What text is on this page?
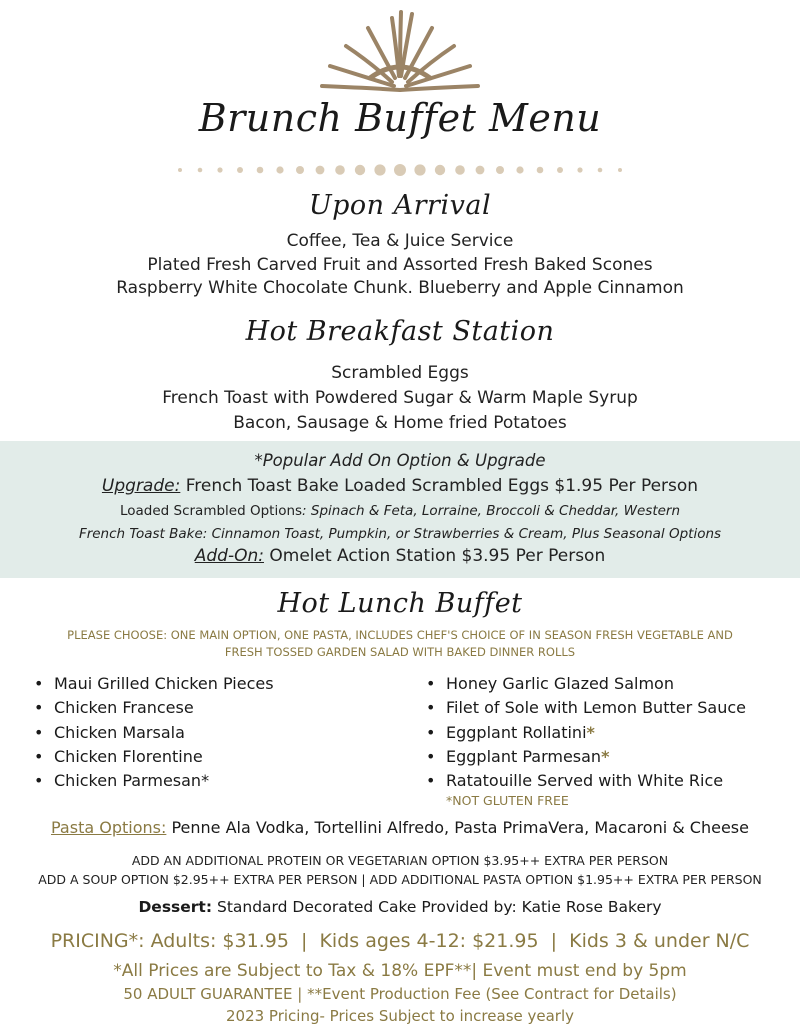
Brunch Buffet Menu
Upon Arrival
Coffee, Tea & Juice Service
Plated Fresh Carved Fruit and Assorted Fresh Baked Scones
Raspberry White Chocolate Chunk. Blueberry and Apple Cinnamon
Hot Breakfast Station
Scrambled Eggs
French Toast with Powdered Sugar & Warm Maple Syrup
Bacon, Sausage & Home fried Potatoes
*Popular Add On Option & Upgrade
Upgrade: French Toast Bake Loaded Scrambled Eggs $1.95 Per Person
Loaded Scrambled Options: Spinach & Feta, Lorraine, Broccoli & Cheddar, Western
French Toast Bake: Cinnamon Toast, Pumpkin, or Strawberries & Cream, Plus Seasonal Options
Add-On: Omelet Action Station $3.95 Per Person
Hot Lunch Buffet
PLEASE CHOOSE: ONE MAIN OPTION, ONE PASTA, INCLUDES CHEF'S CHOICE OF IN SEASON FRESH VEGETABLE AND
FRESH TOSSED GARDEN SALAD WITH BAKED DINNER ROLLS
• Maui Grilled Chicken Pieces
• Chicken Francese
• Chicken Marsala
• Chicken Florentine
• Chicken Parmesan*
• Honey Garlic Glazed Salmon
• Filet of Sole with Lemon Butter Sauce
• Eggplant Rollatini*
• Eggplant Parmesan*
• Ratatouille Served with White Rice
*NOT GLUTEN FREE
Pasta Options: Penne Ala Vodka, Tortellini Alfredo, Pasta PrimaVera, Macaroni & Cheese
ADD AN ADDITIONAL PROTEIN OR VEGETARIAN OPTION $3.95++ EXTRA PER PERSON
ADD A SOUP OPTION $2.95++ EXTRA PER PERSON | ADD ADDITIONAL PASTA OPTION $1.95++ EXTRA PER PERSON
Dessert: Standard Decorated Cake Provided by: Katie Rose Bakery
PRICING*: Adults: $31.95  |  Kids ages 4-12: $21.95  |  Kids 3 & under N/C
*All Prices are Subject to Tax & 18% EPF**| Event must end by 5pm
50 ADULT GUARANTEE | **Event Production Fee (See Contract for Details)
2023 Pricing- Prices Subject to increase yearly
